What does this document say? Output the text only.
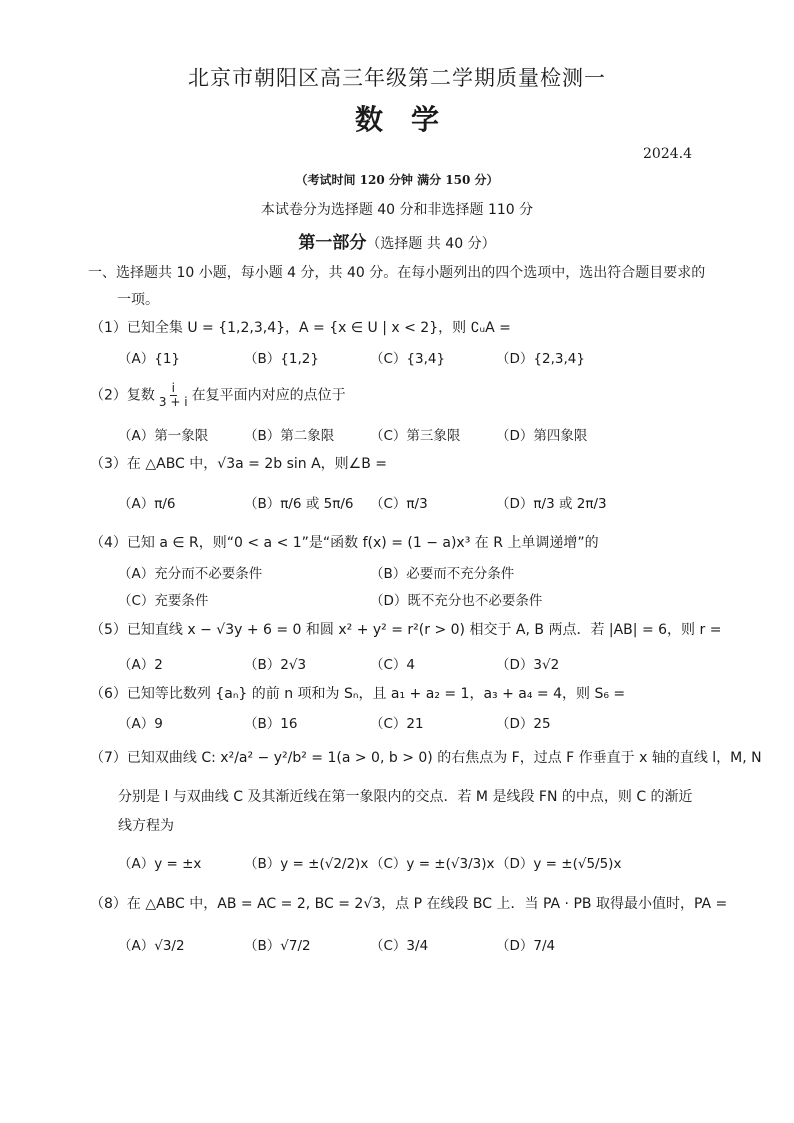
北京市朝阳区高三年级第二学期质量检测一
数学
2024.4
（考试时间 120 分钟 满分 150 分）
本试卷分为选择题 40 分和非选择题 110 分
第一部分（选择题 共 40 分）
一、选择题共 10 小题，每小题 4 分，共 40 分。在每小题列出的四个选项中，选出符合题目要求的
一项。
（1）已知全集 U = {1,2,3,4}，A = {x ∈ U | x < 2}，则 ∁ᵤA =
（A）{1}	（B）{1,2}	（C）{3,4}	（D）{2,3,4}
（2）复数 $\frac{i}{3 + i}$ 在复平面内对应的点位于
（A）第一象限	（B）第二象限	（C）第三象限	（D）第四象限
（3）在 △ABC 中，√3a = 2b sin A，则∠B =
（A）π/6	（B）π/6 或 5π/6 （C）π/3	（D）π/3 或 2π/3
（4）已知 a ∈ R，则“0 < a < 1”是“函数 f(x) = (1 − a)x³ 在 R 上单调递增”的
（A）充分而不必要条件	（B）必要而不充分条件
（C）充要条件	（D）既不充分也不必要条件
（5）已知直线 x − √3y + 6 = 0 和圆 x² + y² = r²(r > 0) 相交于 A, B 两点．若 |AB| = 6，则 r =
（A）2	（B）2√3	（C）4	（D）3√2
（6）已知等比数列 {aₙ} 的前 n 项和为 Sₙ，且 a₁ + a₂ = 1，a₃ + a₄ = 4，则 S₆ =
（A）9	（B）16	（C）21	（D）25
（7）已知双曲线 C: x²/a² − y²/b² = 1(a > 0, b > 0) 的右焦点为 F，过点 F 作垂直于 x 轴的直线 l，M, N
分别是 l 与双曲线 C 及其渐近线在第一象限内的交点．若 M 是线段 FN 的中点，则 C 的渐近
线方程为
（A）y = ±x	（B）y = ±(√2/2)x （C）y = ±(√3/3)x （D）y = ±(√5/5)x
（8）在 △ABC 中，AB = AC = 2, BC = 2√3，点 P 在线段 BC 上．当 PA · PB 取得最小值时，PA =
（A）√3/2	（B）√7/2	（C）3/4	（D）7/4
